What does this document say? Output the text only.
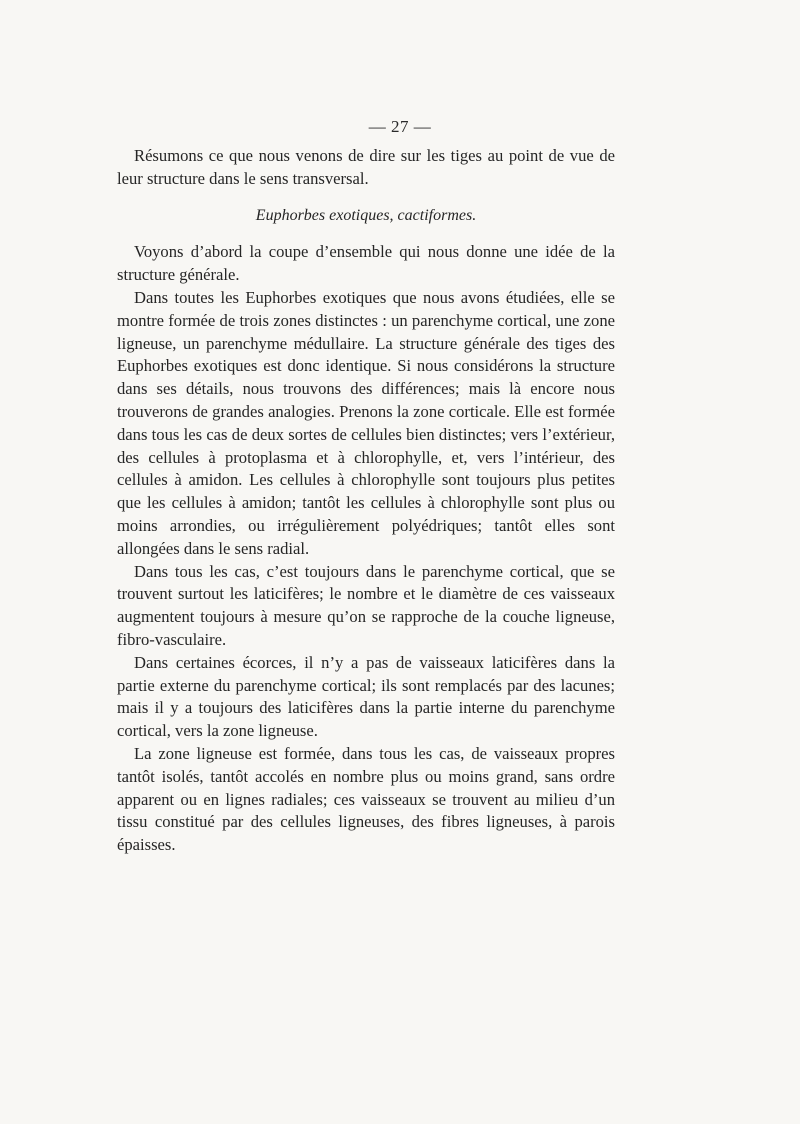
— 27 —

Résumons ce que nous venons de dire sur les tiges au point de vue de leur structure dans le sens transversal.

Euphorbes exotiques, cactiformes.

Voyons d’abord la coupe d’ensemble qui nous donne une idée de la structure générale.

Dans toutes les Euphorbes exotiques que nous avons étudiées, elle se montre formée de trois zones distinctes : un parenchyme cortical, une zone ligneuse, un parenchyme médullaire. La structure générale des tiges des Euphorbes exotiques est donc identique. Si nous considérons la structure dans ses détails, nous trouvons des différences; mais là encore nous trouverons de grandes analogies. Prenons la zone corticale. Elle est formée dans tous les cas de deux sortes de cellules bien distinctes; vers l’extérieur, des cellules à protoplasma et à chlorophylle, et, vers l’intérieur, des cellules à amidon. Les cellules à chlorophylle sont toujours plus petites que les cellules à amidon; tantôt les cellules à chlorophylle sont plus ou moins arrondies, ou irrégulièrement polyédriques; tantôt elles sont allongées dans le sens radial.

Dans tous les cas, c’est toujours dans le parenchyme cortical, que se trouvent surtout les laticifères; le nombre et le diamètre de ces vaisseaux augmentent toujours à mesure qu’on se rapproche de la couche ligneuse, fibro-vasculaire.

Dans certaines écorces, il n’y a pas de vaisseaux laticifères dans la partie externe du parenchyme cortical; ils sont remplacés par des lacunes; mais il y a toujours des laticifères dans la partie interne du parenchyme cortical, vers la zone ligneuse.

La zone ligneuse est formée, dans tous les cas, de vaisseaux propres tantôt isolés, tantôt accolés en nombre plus ou moins grand, sans ordre apparent ou en lignes radiales; ces vaisseaux se trouvent au milieu d’un tissu constitué par des cellules ligneuses, des fibres ligneuses, à parois épaisses.
